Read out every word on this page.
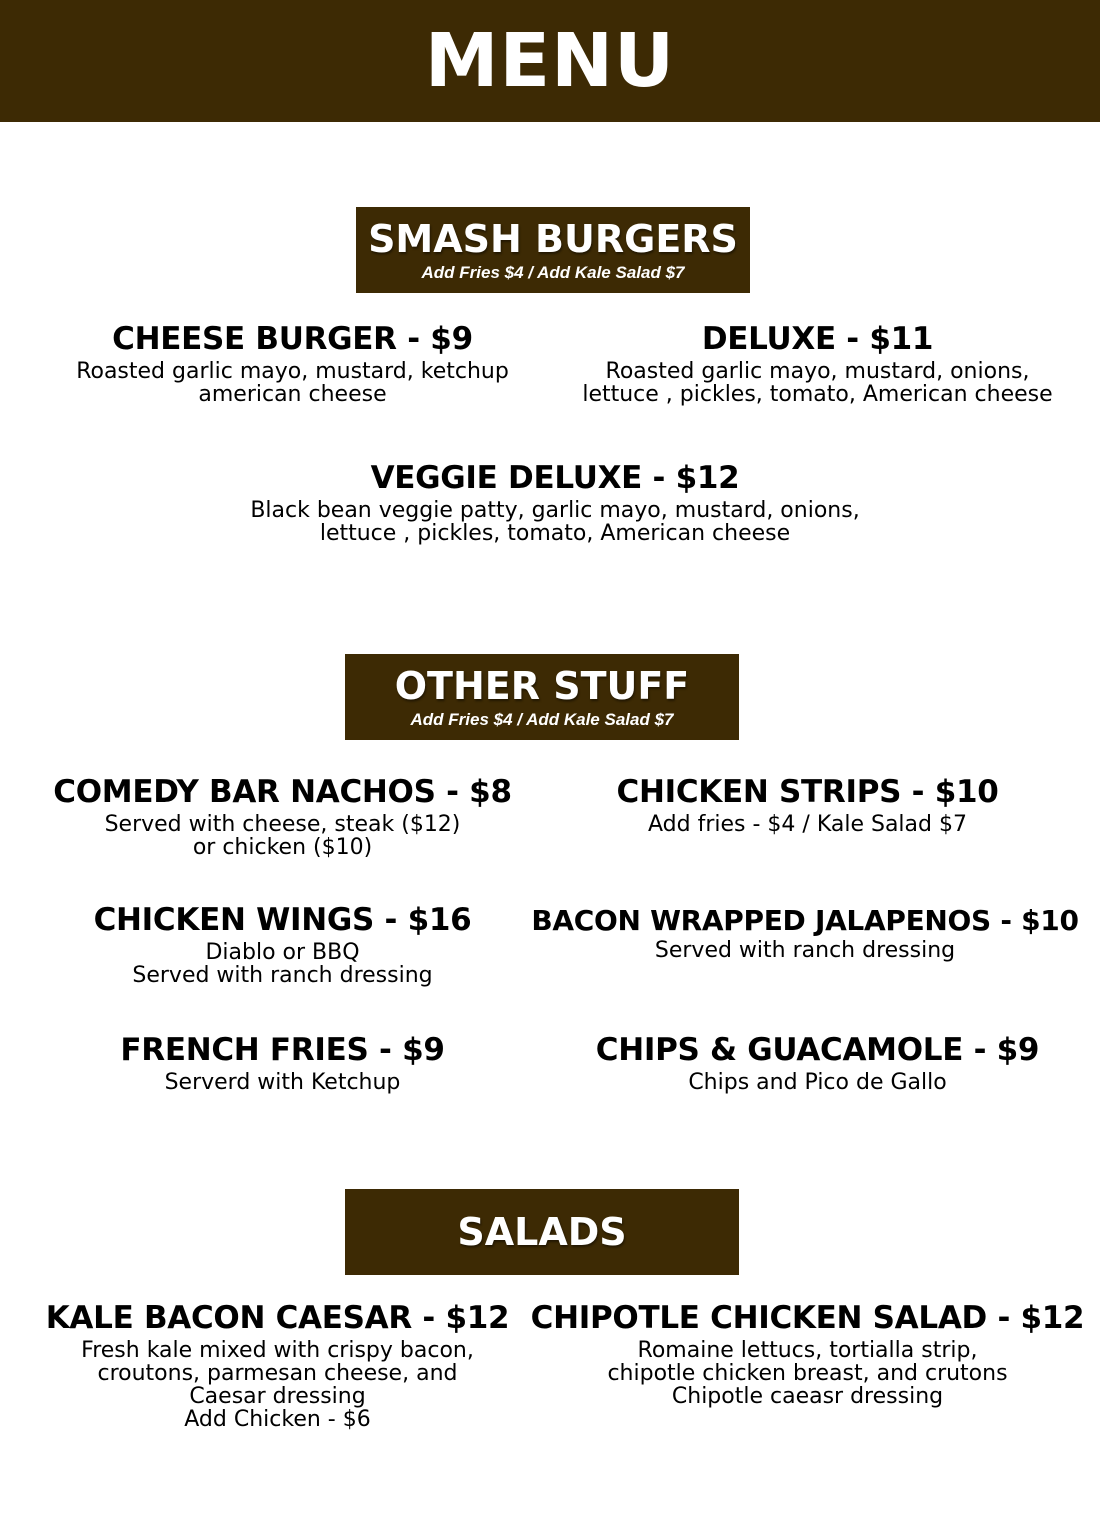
MENU
SMASH BURGERS
Add Fries $4 / Add Kale Salad $7
CHEESE BURGER - $9
Roasted garlic mayo, mustard, ketchup
american cheese
DELUXE - $11
Roasted garlic mayo, mustard, onions,
lettuce , pickles, tomato, American cheese
VEGGIE DELUXE - $12
Black bean veggie patty, garlic mayo, mustard, onions,
lettuce , pickles, tomato, American cheese
OTHER STUFF
Add Fries $4 / Add Kale Salad $7
COMEDY BAR NACHOS - $8
Served with cheese, steak ($12)
or chicken ($10)
CHICKEN STRIPS - $10
Add fries - $4 / Kale Salad $7
CHICKEN WINGS - $16
Diablo or BBQ
Served with ranch dressing
BACON WRAPPED JALAPENOS - $10
Served with ranch dressing
FRENCH FRIES - $9
Serverd with Ketchup
CHIPS & GUACAMOLE - $9
Chips and Pico de Gallo
SALADS
KALE BACON CAESAR - $12
Fresh kale mixed with crispy bacon,
croutons, parmesan cheese, and
Caesar dressing
Add Chicken - $6
CHIPOTLE CHICKEN SALAD - $12
Romaine lettucs, tortialla strip,
chipotle chicken breast, and crutons
Chipotle caeasr dressing
